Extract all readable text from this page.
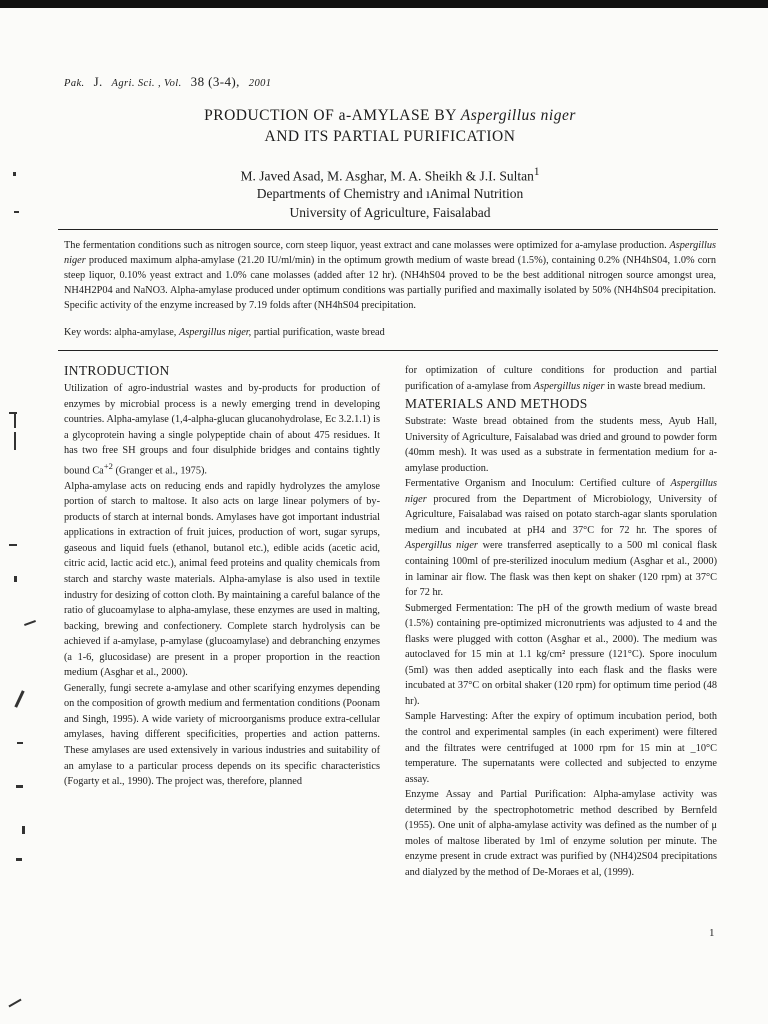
Pak. J. Agri. Sci. , Vol. 38 (3-4), 2001
PRODUCTION OF a-AMYLASE BY Aspergillus niger
AND ITS PARTIAL PURIFICATION
M. Javed Asad, M. Asghar, M. A. Sheikh & J.I. Sultan$^1$
Departments of Chemistry and ıAnimal Nutrition
University of Agriculture, Faisalabad

The fermentation conditions such as nitrogen source, corn steep liquor, yeast extract and cane molasses were optimized for a-amylase production. Aspergillus niger produced maximum alpha-amylase (21.20 IU/ml/min) in the optimum growth medium of waste bread (1.5%), containing 0.2% (NH4hS04, 1.0% corn steep liquor, 0.10% yeast extract and 1.0% cane molasses (added after 12 hr). (NH4hS04 proved to be the best additional nitrogen source amongst urea, NH4H2P04 and NaNO3. Alpha-amylase produced under optimum conditions was partially purified and maximally isolated by 50% (NH4hS04 precipitation. Specific activity of the enzyme increased by 7.19 folds after (NH4hS04 precipitation.

Key words: alpha-amylase, Aspergillus niger, partial purification, waste bread

INTRODUCTION

Utilization of agro-industrial wastes and by-products for production of enzymes by microbial process is a newly emerging trend in developing countries. Alpha-amylase (1,4-alpha-glucan glucanohydrolase, Ec 3.2.1.1) is a glycoprotein having a single polypeptide chain of about 475 residues. It has two free SH groups and four disulphide bridges and contains tightly bound $Ca^{+2}$ (Granger et al., 1975).

Alpha-amylase acts on reducing ends and rapidly hydrolyzes the amylose portion of starch to maltose. It also acts on large linear polymers of by-products of starch at internal bonds. Amylases have got important industrial applications in extraction of fruit juices, production of wort, sugar syrups, gaseous and liquid fuels (ethanol, butanol etc.), edible acids (acetic acid, citric acid, lactic acid etc.), animal feed proteins and quality chemicals from starch and starchy waste materials. Alpha-amylase is also used in textile industry for desizing of cotton cloth. By maintaining a careful balance of the ratio of glucoamylase to alpha-amylase, these enzymes are used in malting, backing, brewing and confectionery. Complete starch hydrolysis can be achieved if a-amylase, p-amylase (glucoamylase) and debranching enzymes (a 1-6, glucosidase) are present in a proper proportion in the reaction medium (Asghar et al., 2000).

Generally, fungi secrete a-amylase and other scarifying enzymes depending on the composition of growth medium and fermentation conditions (Poonam and Singh, 1995). A wide variety of microorganisms produce extra-cellular amylases, having different specificities, properties and action patterns. These amylases are used extensively in various industries and suitability of an amylase to a particular process depends on its specific characteristics (Fogarty et al., 1990). The project was, therefore, planned

for optimization of culture conditions for production and partial purification of a-amylase from Aspergillus niger in waste bread medium.

MATERIALS AND METHODS

Substrate: Waste bread obtained from the students mess, Ayub Hall, University of Agriculture, Faisalabad was dried and ground to powder form (40mm mesh). It was used as a substrate in fermentation medium for a-amylase production.

Fermentative Organism and Inoculum: Certified culture of Aspergillus niger procured from the Department of Microbiology, University of Agriculture, Faisalabad was raised on potato starch-agar slants sporulation medium and incubated at pH4 and 37°C for 72 hr. The spores of Aspergillus niger were transferred aseptically to a 500 ml conical flask containing 100ml of pre-sterilized inoculum medium (Asghar et al., 2000) in laminar air flow. The flask was then kept on shaker (120 rpm) at 37°C for 72 hr.

Submerged Fermentation: The pH of the growth medium of waste bread (1.5%) containing pre-optimized micronutrients was adjusted to 4 and the flasks were plugged with cotton (Asghar et al., 2000). The medium was autoclaved for 15 min at 1.1 kg/cm² pressure (121°C). Spore inoculum (5ml) was then added aseptically into each flask and the flasks were incubated at 37°C on orbital shaker (120 rpm) for optimum time period (48 hr).

Sample Harvesting: After the expiry of optimum incubation period, both the control and experimental samples (in each experiment) were filtered and the filtrates were centrifuged at 1000 rpm for 15 min at _10°C temperature. The supernatants were collected and subjected to enzyme assay.

Enzyme Assay and Partial Purification: Alpha-amylase activity was determined by the spectrophotometric method described by Bernfeld (1955). One unit of alpha-amylase activity was defined as the number of μ moles of maltose liberated by 1ml of enzyme solution per minute. The enzyme present in crude extract was purified by (NH4)2S04 precipitations and dialyzed by the method of De-Moraes et al, (1999).

1
